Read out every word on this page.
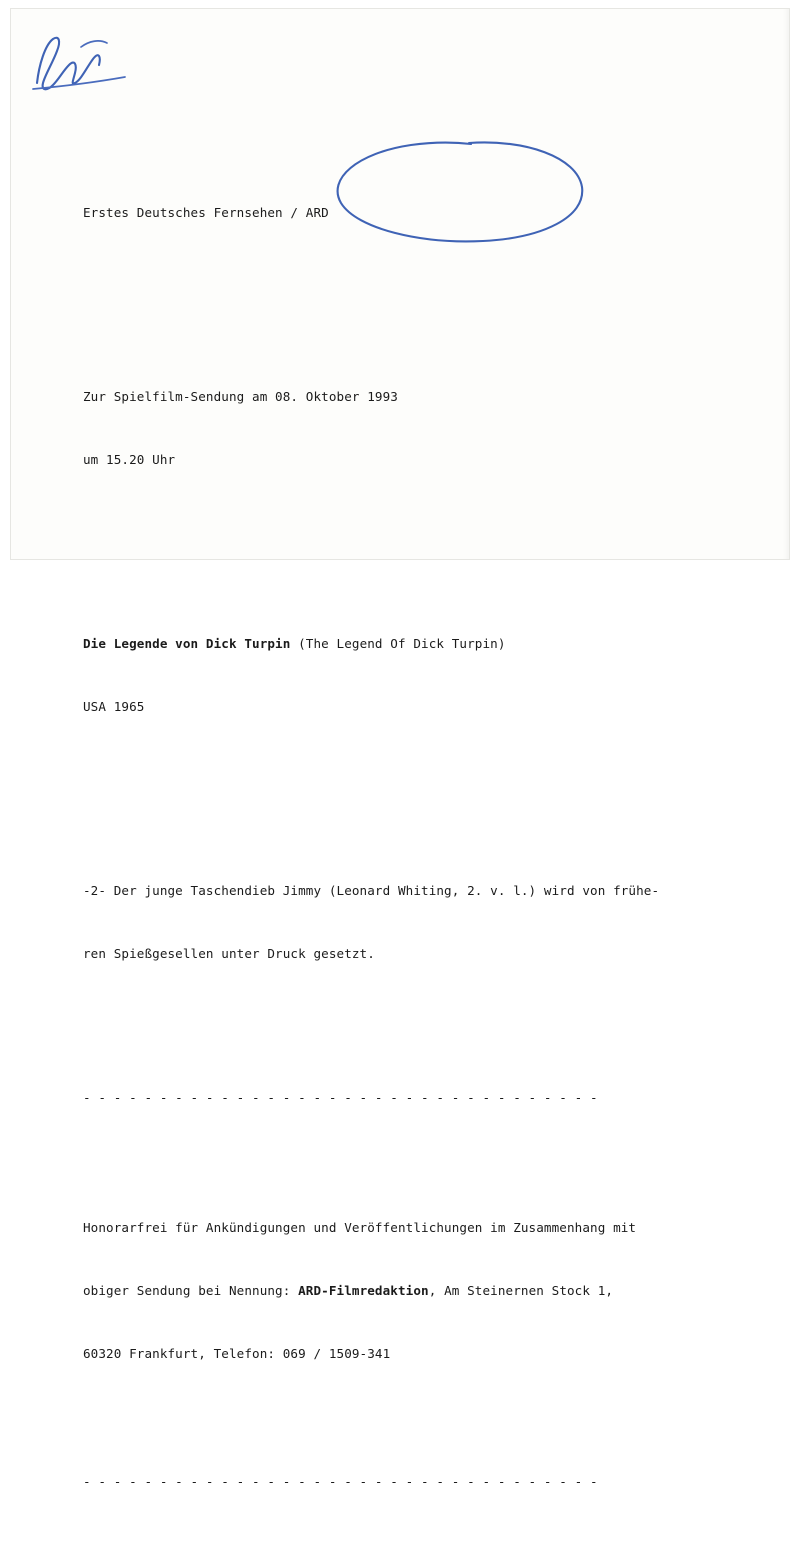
Erstes Deutsches Fernsehen / ARD

Zur Spielfilm-Sendung am 08. Oktober 1993

um 15.20 Uhr

Die Legende von Dick Turpin (The Legend Of Dick Turpin)

USA 1965

-2- Der junge Taschendieb Jimmy (Leonard Whiting, 2. v. l.) wird von frühe-

ren Spießgesellen unter Druck gesetzt.

- - - - - - - - - - - - - - - - - - - - - - - - - - - - - - - - - -

Honorarfrei für Ankündigungen und Veröffentlichungen im Zusammenhang mit

obiger Sendung bei Nennung: ARD-Filmredaktion, Am Steinernen Stock 1,

60320 Frankfurt, Telefon: 069 / 1509-341

- - - - - - - - - - - - - - - - - - - - - - - - - - - - - - - - - -
